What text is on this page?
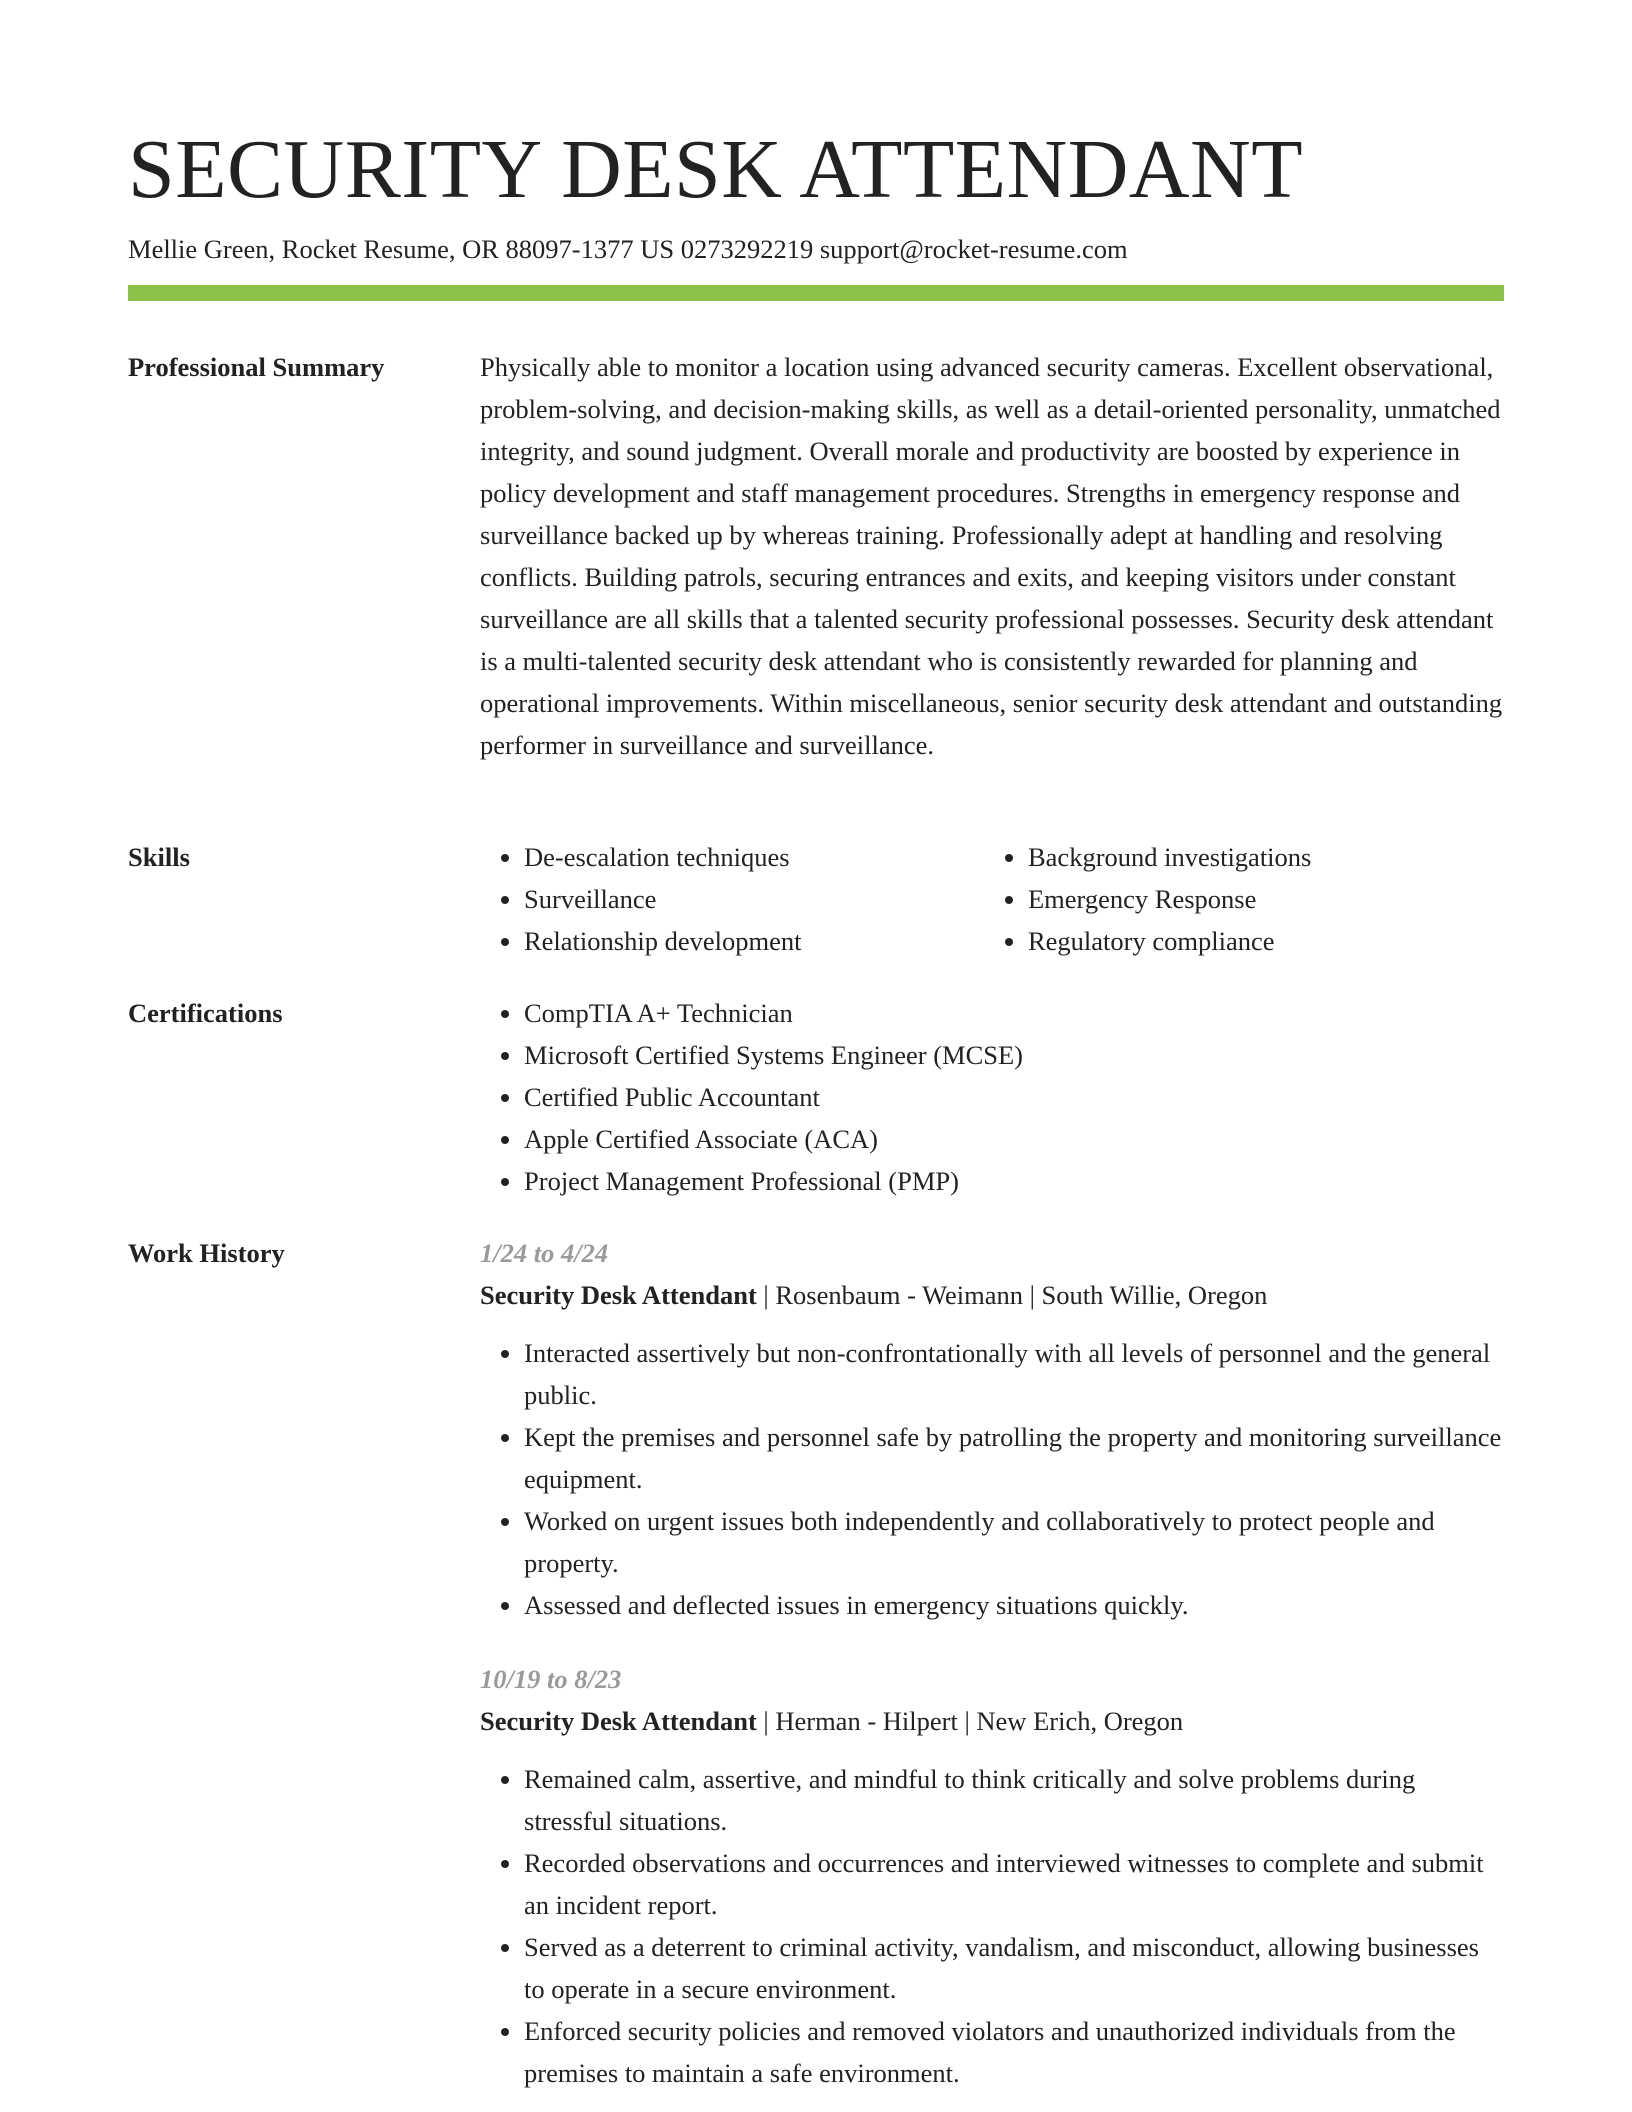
SECURITY DESK ATTENDANT
Mellie Green, Rocket Resume, OR 88097-1377 US 0273292219 support@rocket-resume.com
Professional Summary	Physically able to monitor a location using advanced security cameras. Excellent observational, problem-solving, and decision-making skills, as well as a detail-oriented personality, unmatched integrity, and sound judgment. Overall morale and productivity are boosted by experience in policy development and staff management procedures. Strengths in emergency response and surveillance backed up by whereas training. Professionally adept at handling and resolving conflicts. Building patrols, securing entrances and exits, and keeping visitors under constant surveillance are all skills that a talented security professional possesses. Security desk attendant is a multi-talented security desk attendant who is consistently rewarded for planning and operational improvements. Within miscellaneous, senior security desk attendant and outstanding performer in surveillance and surveillance.

Skills	• De-escalation techniques
• Surveillance
• Relationship development
• Background investigations
• Emergency Response
• Regulatory compliance
Certifications	• CompTIA A+ Technician
• Microsoft Certified Systems Engineer (MCSE)
• Certified Public Accountant
• Apple Certified Associate (ACA)
• Project Management Professional (PMP)
Work History	1/24 to 4/24
Security Desk Attendant | Rosenbaum - Weimann | South Willie, Oregon
• Interacted assertively but non-confrontationally with all levels of personnel and the general public.
• Kept the premises and personnel safe by patrolling the property and monitoring surveillance equipment.
• Worked on urgent issues both independently and collaboratively to protect people and property.
• Assessed and deflected issues in emergency situations quickly.
10/19 to 8/23
Security Desk Attendant | Herman - Hilpert | New Erich, Oregon
• Remained calm, assertive, and mindful to think critically and solve problems during stressful situations.
• Recorded observations and occurrences and interviewed witnesses to complete and submit an incident report.
• Served as a deterrent to criminal activity, vandalism, and misconduct, allowing businesses to operate in a secure environment.
• Enforced security policies and removed violators and unauthorized individuals from the premises to maintain a safe environment.
